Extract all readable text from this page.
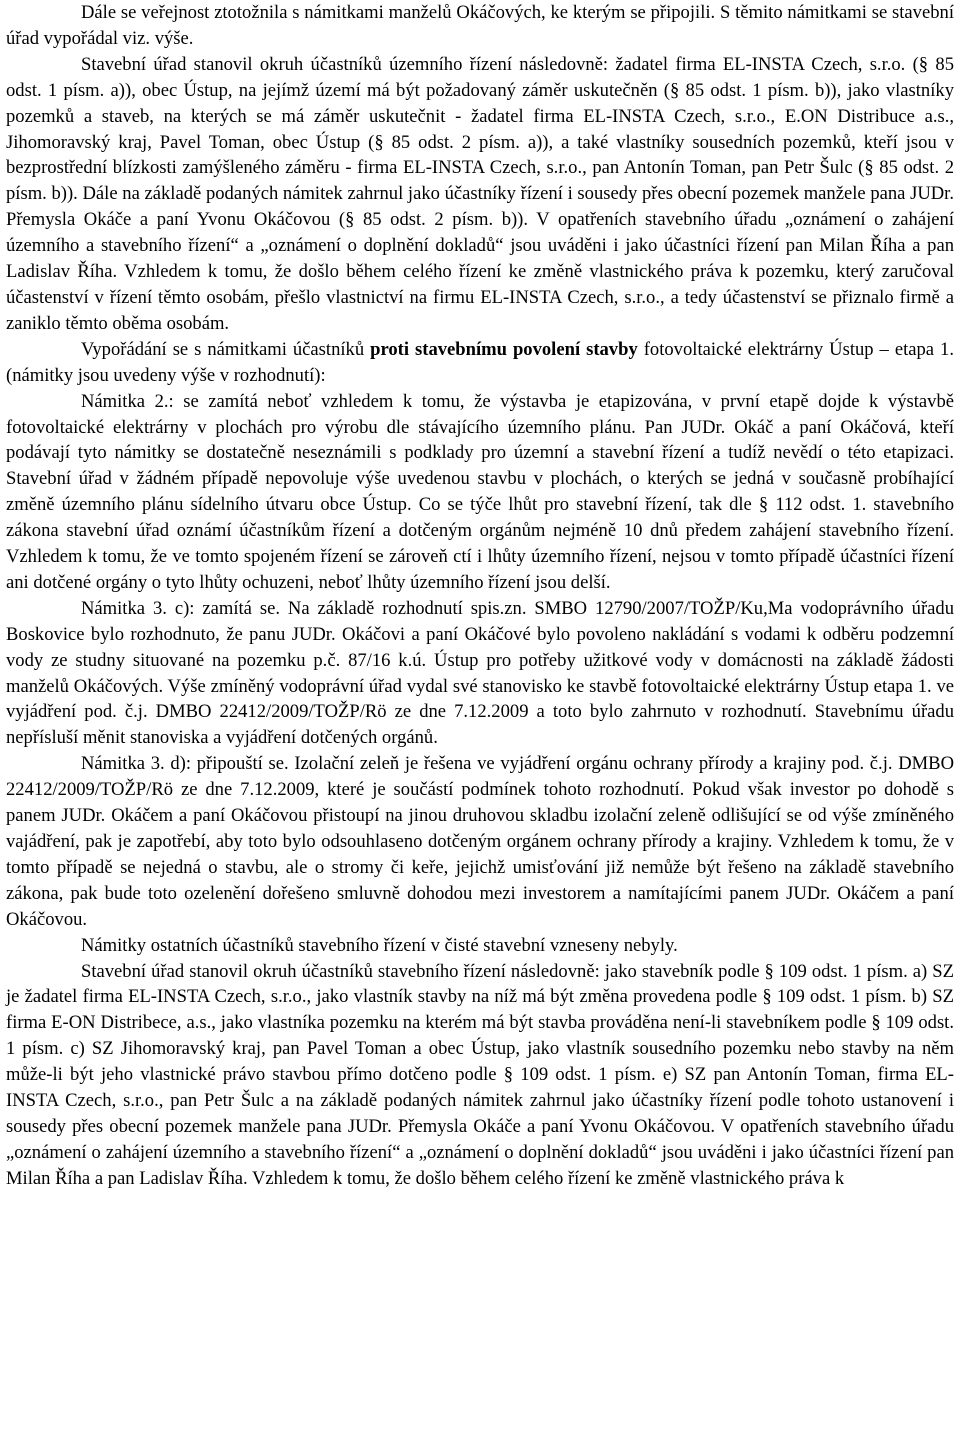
Dále se veřejnost ztotožnila s námitkami manželů Okáčových, ke kterým se připojili. S těmito námitkami se stavební úřad vypořádal viz. výše.

Stavební úřad stanovil okruh účastníků územního řízení následovně: žadatel firma EL-INSTA Czech, s.r.o. (§ 85 odst. 1 písm. a)), obec Ústup, na jejímž území má být požadovaný záměr uskutečněn (§ 85 odst. 1 písm. b)), jako vlastníky pozemků a staveb, na kterých se má záměr uskutečnit - žadatel firma EL-INSTA Czech, s.r.o., E.ON Distribuce a.s., Jihomoravský kraj, Pavel Toman, obec Ústup (§ 85 odst. 2 písm. a)), a také vlastníky sousedních pozemků, kteří jsou v bezprostřední blízkosti zamýšleného záměru - firma EL-INSTA Czech, s.r.o., pan Antonín Toman, pan Petr Šulc (§ 85 odst. 2 písm. b)). Dále na základě podaných námitek zahrnul jako účastníky řízení i sousedy přes obecní pozemek manžele pana JUDr. Přemysla Okáče a paní Yvonu Okáčovou (§ 85 odst. 2 písm. b)). V opatřeních stavebního úřadu „oznámení o zahájení územního a stavebního řízení“ a „oznámení o doplnění dokladů“ jsou uváděni i jako účastníci řízení pan Milan Říha a pan Ladislav Říha. Vzhledem k tomu, že došlo během celého řízení ke změně vlastnického práva k pozemku, který zaručoval účastenství v řízení těmto osobám, přešlo vlastnictví na firmu EL-INSTA Czech, s.r.o., a tedy účastenství se přiznalo firmě a zaniklo těmto oběma osobám.

Vypořádání se s námitkami účastníků proti stavebnímu povolení stavby fotovoltaické elektrárny Ústup – etapa 1. (námitky jsou uvedeny výše v rozhodnutí):

Námitka 2.: se zamítá neboť vzhledem k tomu, že výstavba je etapizována, v první etapě dojde k výstavbě fotovoltaické elektrárny v plochách pro výrobu dle stávajícího územního plánu. Pan JUDr. Okáč a paní Okáčová, kteří podávají tyto námitky se dostatečně neseznámili s podklady pro územní a stavební řízení a tudíž nevědí o této etapizaci. Stavební úřad v žádném případě nepovoluje výše uvedenou stavbu v plochách, o kterých se jedná v současně probíhající změně územního plánu sídelního útvaru obce Ústup. Co se týče lhůt pro stavební řízení, tak dle § 112 odst. 1. stavebního zákona stavební úřad oznámí účastníkům řízení a dotčeným orgánům nejméně 10 dnů předem zahájení stavebního řízení. Vzhledem k tomu, že ve tomto spojeném řízení se zároveň ctí i lhůty územního řízení, nejsou v tomto případě účastníci řízení ani dotčené orgány o tyto lhůty ochuzeni, neboť lhůty územního řízení jsou delší.

Námitka 3. c): zamítá se. Na základě rozhodnutí spis.zn. SMBO 12790/2007/TOŽP/Ku,Ma vodoprávního úřadu Boskovice bylo rozhodnuto, že panu JUDr. Okáčovi a paní Okáčové bylo povoleno nakládání s vodami k odběru podzemní vody ze studny situované na pozemku p.č. 87/16 k.ú. Ústup pro potřeby užitkové vody v domácnosti na základě žádosti manželů Okáčových. Výše zmíněný vodoprávní úřad vydal své stanovisko ke stavbě fotovoltaické elektrárny Ústup etapa 1. ve vyjádření pod. č.j. DMBO 22412/2009/TOŽP/Rö ze dne 7.12.2009 a toto bylo zahrnuto v rozhodnutí. Stavebnímu úřadu nepřísluší měnit stanoviska a vyjádření dotčených orgánů.

Námitka 3. d): připouští se. Izolační zeleň je řešena ve vyjádření orgánu ochrany přírody a krajiny pod. č.j. DMBO 22412/2009/TOŽP/Rö ze dne 7.12.2009, které je součástí podmínek tohoto rozhodnutí. Pokud však investor po dohodě s panem JUDr. Okáčem a paní Okáčovou přistoupí na jinou druhovou skladbu izolační zeleně odlišující se od výše zmíněného vajádření, pak je zapotřebí, aby toto bylo odsouhlaseno dotčeným orgánem ochrany přírody a krajiny. Vzhledem k tomu, že v tomto případě se nejedná o stavbu, ale o stromy či keře, jejichž umisťování již nemůže být řešeno na základě stavebního zákona, pak bude toto ozelenění dořešeno smluvně dohodou mezi investorem a namítajícími panem JUDr. Okáčem a paní Okáčovou.

Námitky ostatních účastníků stavebního řízení v čisté stavební vzneseny nebyly.

Stavební úřad stanovil okruh účastníků stavebního řízení následovně: jako stavebník podle § 109 odst. 1 písm. a) SZ je žadatel firma EL-INSTA Czech, s.r.o., jako vlastník stavby na níž má být změna provedena podle § 109 odst. 1 písm. b) SZ firma E-ON Distribece, a.s., jako vlastníka pozemku na kterém má být stavba prováděna není-li stavebníkem podle § 109 odst. 1 písm. c) SZ Jihomoravský kraj, pan Pavel Toman a obec Ústup, jako vlastník sousedního pozemku nebo stavby na něm může-li být jeho vlastnické právo stavbou přímo dotčeno podle § 109 odst. 1 písm. e) SZ pan Antonín Toman, firma EL-INSTA Czech, s.r.o., pan Petr Šulc a na základě podaných námitek zahrnul jako účastníky řízení podle tohoto ustanovení i sousedy přes obecní pozemek manžele pana JUDr. Přemysla Okáče a paní Yvonu Okáčovou. V opatřeních stavebního úřadu „oznámení o zahájení územního a stavebního řízení“ a „oznámení o doplnění dokladů“ jsou uváděni i jako účastníci řízení pan Milan Říha a pan Ladislav Říha. Vzhledem k tomu, že došlo během celého řízení ke změně vlastnického práva k
